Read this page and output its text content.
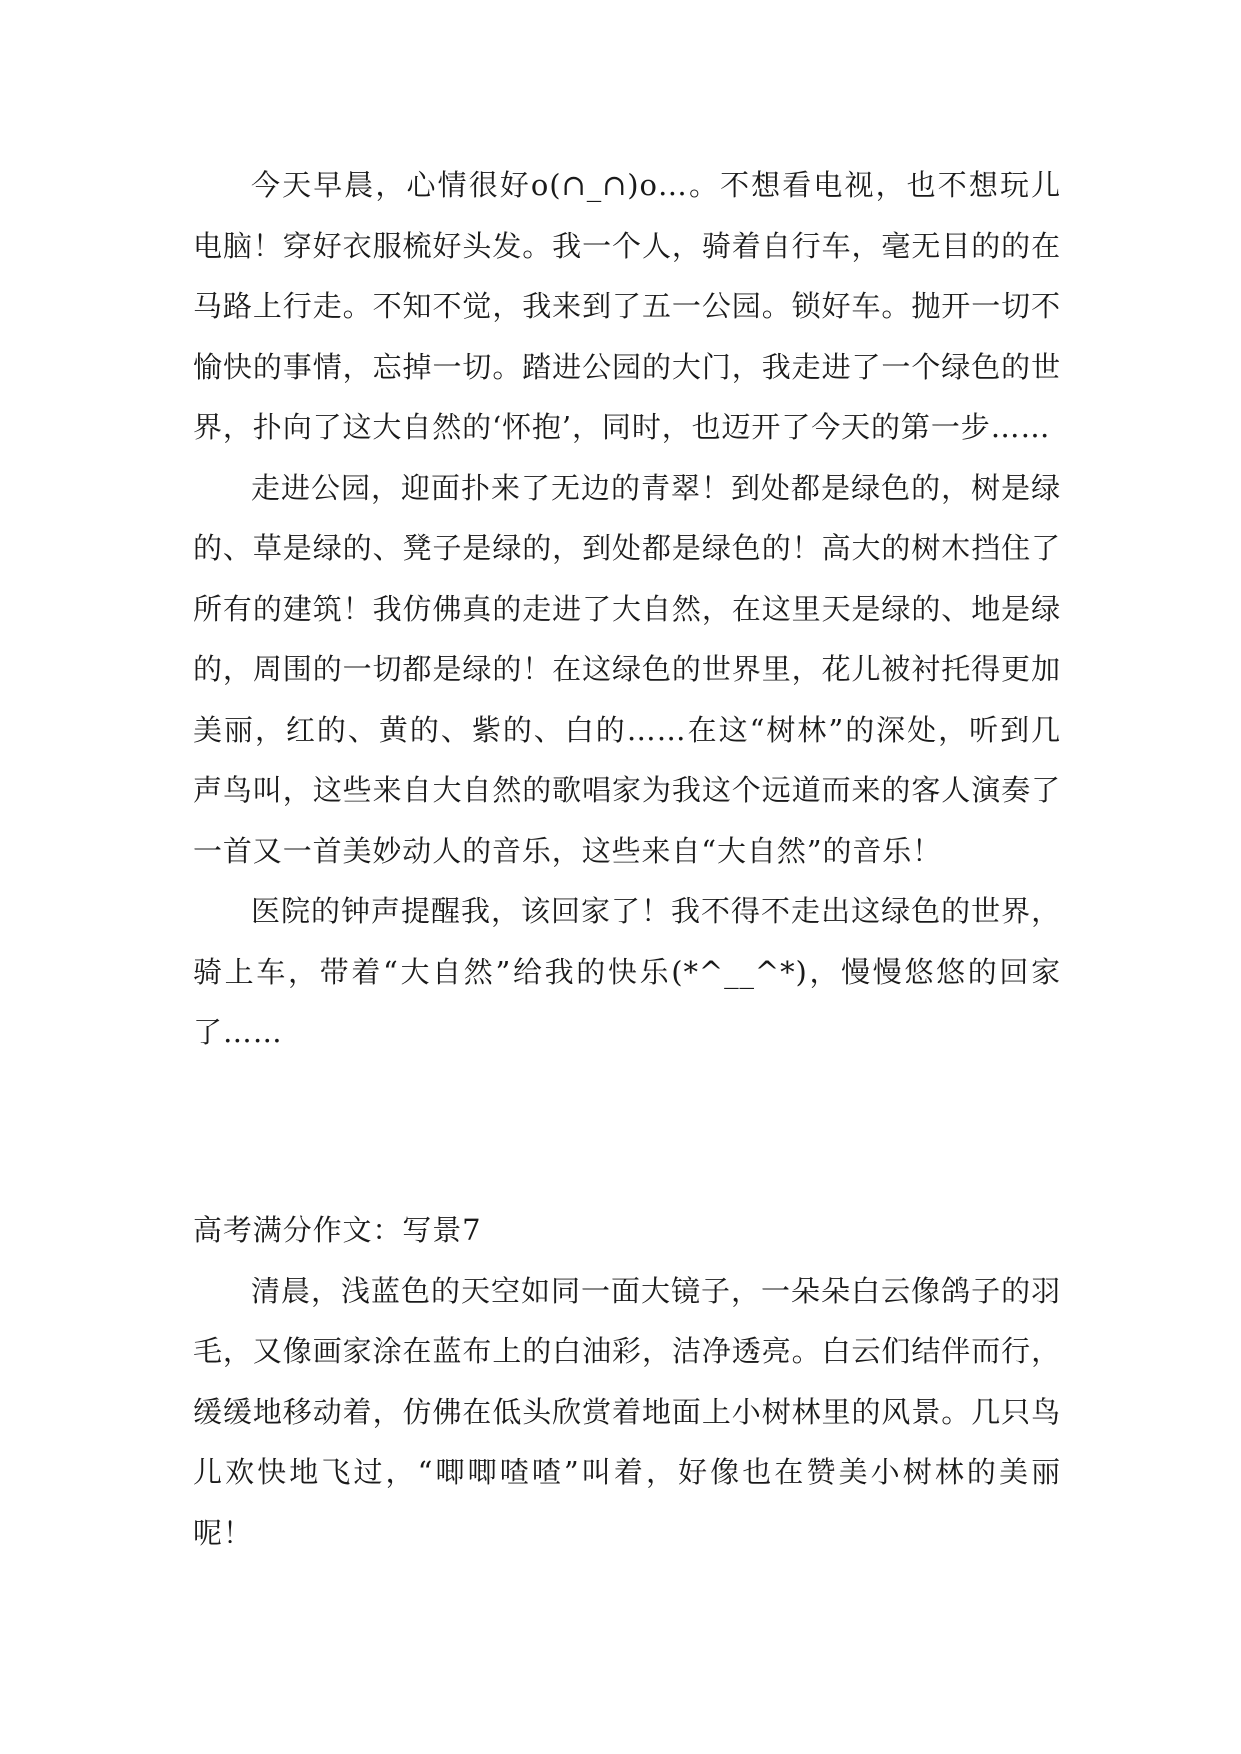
今天早晨，心情很好o(∩_∩)o…。不想看电视，也不想玩儿电脑！穿好衣服梳好头发。我一个人，骑着自行车，毫无目的的在马路上行走。不知不觉，我来到了五一公园。锁好车。抛开一切不愉快的事情，忘掉一切。踏进公园的大门，我走进了一个绿色的世界，扑向了这大自然的‘怀抱’，同时，也迈开了今天的第一步……

走进公园，迎面扑来了无边的青翠！到处都是绿色的，树是绿的、草是绿的、凳子是绿的，到处都是绿色的！高大的树木挡住了所有的建筑！我仿佛真的走进了大自然，在这里天是绿的、地是绿的，周围的一切都是绿的！在这绿色的世界里，花儿被衬托得更加美丽，红的、黄的、紫的、白的……在这“树林”的深处，听到几声鸟叫，这些来自大自然的歌唱家为我这个远道而来的客人演奏了一首又一首美妙动人的音乐，这些来自“大自然”的音乐！

医院的钟声提醒我，该回家了！我不得不走出这绿色的世界，骑上车，带着“大自然”给我的快乐(*^__^*)，慢慢悠悠的回家了……

高考满分作文：写景7

清晨，浅蓝色的天空如同一面大镜子，一朵朵白云像鸽子的羽毛，又像画家涂在蓝布上的白油彩，洁净透亮。白云们结伴而行，缓缓地移动着，仿佛在低头欣赏着地面上小树林里的风景。几只鸟儿欢快地飞过，“唧唧喳喳”叫着，好像也在赞美小树林的美丽呢！
